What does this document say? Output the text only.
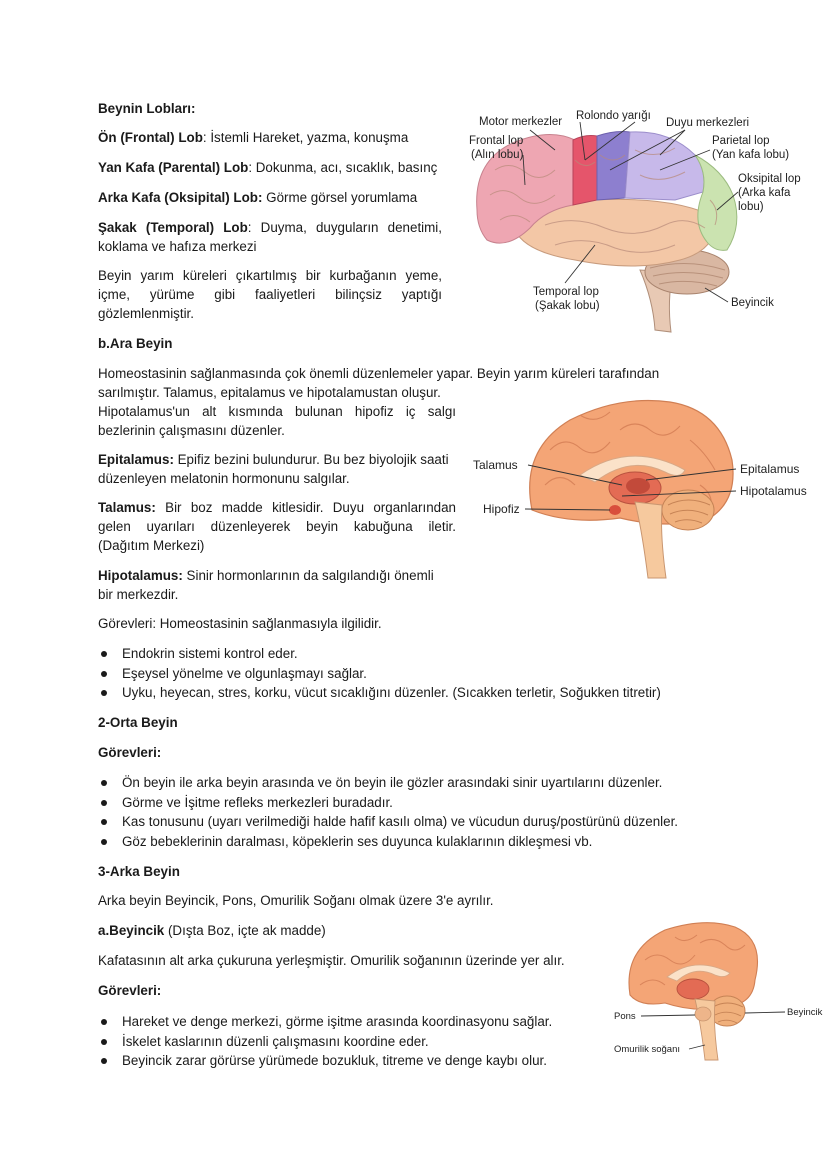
Beynin Lobları:
Ön (Frontal) Lob: İstemli Hareket, yazma, konuşma
Yan Kafa (Parental) Lob: Dokunma, acı, sıcaklık, basınç
Arka Kafa (Oksipital) Lob: Görme görsel yorumlama
Şakak (Temporal) Lob: Duyma, duyguların denetimi,
koklama ve hafıza merkezi
Beyin yarım küreleri çıkartılmış bir kurbağanın yeme,
içme, yürüme gibi faaliyetleri bilinçsiz yaptığı
gözlemlenmiştir.
Motor merkezler Rolondo yarığı
Duyu merkezleri
Frontal lop
(Alın lobu)
Parietal lop
(Yan kafa lobu)
Oksipital lop
(Arka kafa
lobu)
Temporal lop
(Şakak lobu)	Beyincik
b.Ara Beyin
Homeostasinin sağlanmasında çok önemli düzenlemeler yapar. Beyin yarım küreleri tarafından
sarılmıştır. Talamus, epitalamus ve hipotalamustan oluşur.
Hipotalamus'un alt kısmında bulunan hipofiz iç salgı
bezlerinin çalışmasını düzenler.
Epitalamus: Epifiz bezini bulundurur. Bu bez biyolojik saati
düzenleyen melatonin hormonunu salgılar.
Talamus: Bir boz madde kitlesidir. Duyu organlarından
gelen uyarıları düzenleyerek beyin kabuğuna iletir.
(Dağıtım Merkezi)
Hipotalamus: Sinir hormonlarının da salgılandığı önemli
bir merkezdir.
Görevleri: Homeostasinin sağlanmasıyla ilgilidir.
Endokrin sistemi kontrol eder.
Eşeysel yönelme ve olgunlaşmayı sağlar.
Uyku, heyecan, stres, korku, vücut sıcaklığını düzenler. (Sıcakken terletir, Soğukken titretir)
Talamus
Hipofiz
Epitalamus
Hipotalamus
2-Orta Beyin
Görevleri:
Ön beyin ile arka beyin arasında ve ön beyin ile gözler arasındaki sinir uyartılarını düzenler.
Görme ve İşitme refleks merkezleri buradadır.
Kas tonusunu (uyarı verilmediği halde hafif kasılı olma) ve vücudun duruş/postürünü düzenler.
Göz bebeklerinin daralması, köpeklerin ses duyunca kulaklarının dikleşmesi vb.
3-Arka Beyin
Arka beyin Beyincik, Pons, Omurilik Soğanı olmak üzere 3'e ayrılır.
a.Beyincik (Dışta Boz, içte ak madde)
Kafatasının alt arka çukuruna yerleşmiştir. Omurilik soğanının üzerinde yer alır.
Görevleri:
Hareket ve denge merkezi, görme işitme arasında koordinasyonu sağlar.
İskelet kaslarının düzenli çalışmasını koordine eder.
Beyincik zarar görürse yürümede bozukluk, titreme ve denge kaybı olur.
Pons	Beyincik
Omurilik soğanı
